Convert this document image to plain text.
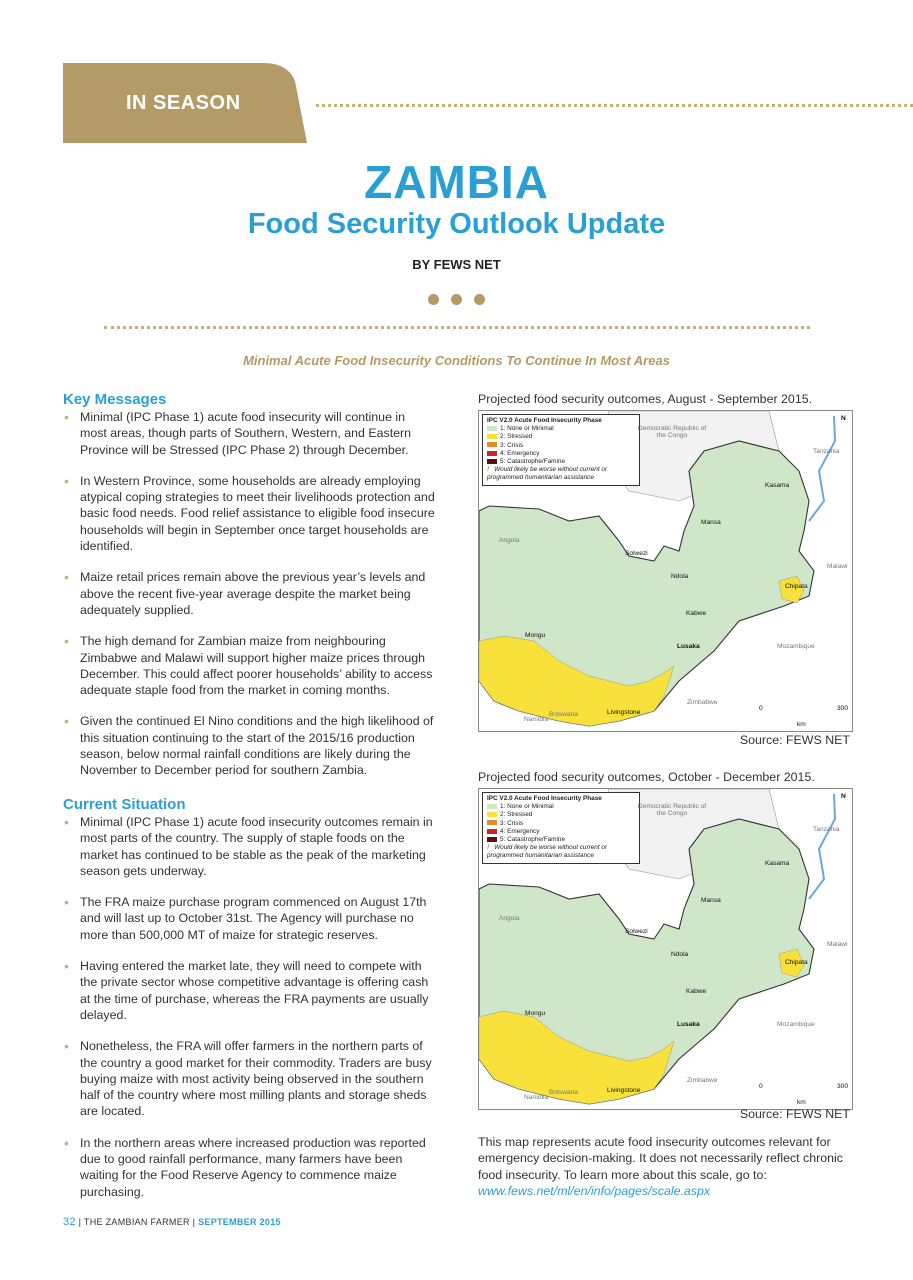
IN SEASON
ZAMBIA
Food Security Outlook Update
BY FEWS NET
Minimal Acute Food Insecurity Conditions To Continue In Most Areas
Key Messages
• Minimal (IPC Phase 1) acute food insecurity will continue in most areas, though parts of Southern, Western, and Eastern Province will be Stressed (IPC Phase 2) through December.
• In Western Province, some households are already employing atypical coping strategies to meet their livelihoods protection and basic food needs. Food relief assistance to eligible food insecure households will begin in September once target households are identified.
• Maize retail prices remain above the previous year’s levels and above the recent five-year average despite the market being adequately supplied.
• The high demand for Zambian maize from neighbouring Zimbabwe and Malawi will support higher maize prices through December. This could affect poorer households’ ability to access adequate staple food from the market in coming months.
• Given the continued El Nino conditions and the high likelihood of this situation continuing to the start of the 2015/16 production season, below normal rainfall conditions are likely during the November to December period for southern Zambia.
Current Situation
• Minimal (IPC Phase 1) acute food insecurity outcomes remain in most parts of the country. The supply of staple foods on the market has continued to be stable as the peak of the marketing season gets underway.
• The FRA maize purchase program commenced on August 17th and will last up to October 31st. The Agency will purchase no more than 500,000 MT of maize for strategic reserves.
• Having entered the market late, they will need to compete with the private sector whose competitive advantage is offering cash at the time of purchase, whereas the FRA payments are usually delayed.
• Nonetheless, the FRA will offer farmers in the northern parts of the country a good market for their commodity. Traders are busy buying maize with most activity being observed in the southern half of the country where most milling plants and storage sheds are located.
• In the northern areas where increased production was reported due to good rainfall performance, many farmers have been waiting for the Food Reserve Agency to commence maize purchasing.
Projected food security outcomes, August - September 2015.
IPC V2.0 Acute Food Insecurity Phase
1: None or Minimal
2: Stressed
3: Crisis
4: Emergency
5: Catastrophe/Famine
! Would likely be worse without current or programmed humanitarian assistance
Democratic Republic of the Congo
Tanzania
Angola
Malawi
Mozambique
Zimbabwe
Botswana
Namibia
Kasama
Mansa
Solwezi
Ndola
Chipata
Kabwe
Mongu
Lusaka
Livingstone
N
0	300
km
Source: FEWS NET
Projected food security outcomes, October - December 2015.
IPC V2.0 Acute Food Insecurity Phase
1: None or Minimal
2: Stressed
3: Crisis
4: Emergency
5: Catastrophe/Famine
! Would likely be worse without current or programmed humanitarian assistance
Democratic Republic of the Congo
Tanzania
Angola
Malawi
Mozambique
Zimbabwe
Botswana
Namibia
Kasama
Mansa
Solwezi
Ndola
Chipata
Kabwe
Mongu
Lusaka
Livingstone
N
0	300
km
Source: FEWS NET
This map represents acute food insecurity outcomes relevant for emergency decision-making. It does not necessarily reflect chronic food insecurity. To learn more about this scale, go to:
www.fews.net/ml/en/info/pages/scale.aspx
32 | THE ZAMBIAN FARMER | SEPTEMBER 2015
